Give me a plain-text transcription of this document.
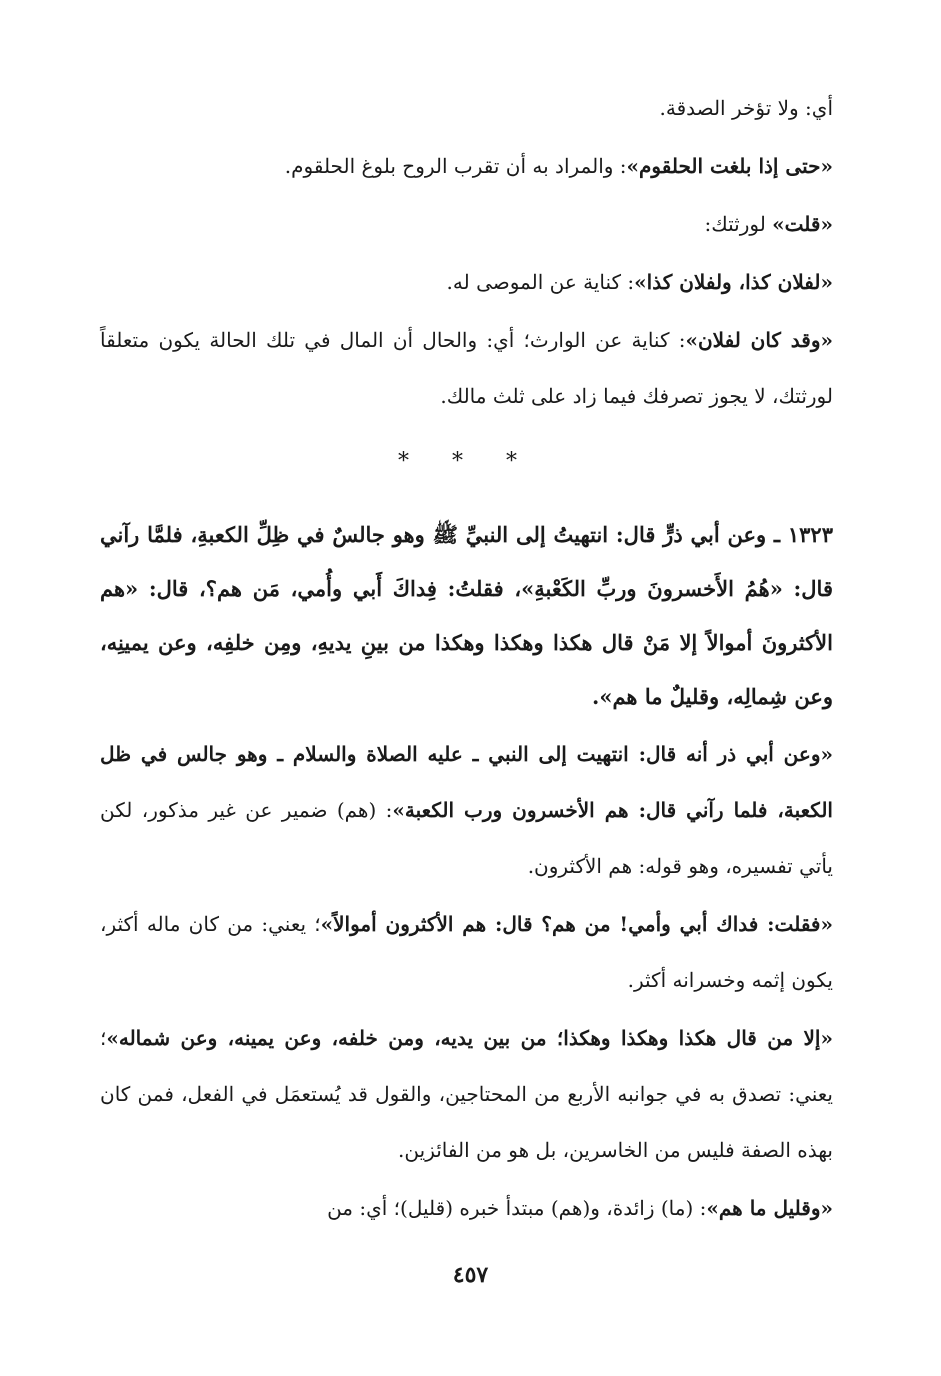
أي: ولا تؤخر الصدقة.

«حتى إذا بلغت الحلقوم»: والمراد به أن تقرب الروح بلوغ الحلقوم.

«قلت» لورثتك:

«لفلان كذا، ولفلان كذا»: كناية عن الموصى له.

«وقد كان لفلان»: كناية عن الوارث؛ أي: والحال أن المال في تلك الحالة يكون متعلقاً لورثتك، لا يجوز تصرفك فيما زاد على ثلث مالك.

* * *

١٣٢٣ ـ وعن أبي ذرٍّ قال: انتهيتُ إلى النبيِّ ﷺ وهو جالسٌ في ظِلِّ الكعبةِ، فلمَّا رآني قال: «هُمُ الأَخسرونَ وربِّ الكَعْبةِ»، فقلتُ: فِداكَ أَبي وأُمي، مَن هم؟، قال: «هم الأكثرونَ أموالاً إلا مَنْ قال هكذا وهكذا وهكذا من بينِ يديهِ، ومِن خلفِه، وعن يمينِه، وعن شِمالِه، وقليلٌ ما هم».

«وعن أبي ذر أنه قال: انتهيت إلى النبي ـ عليه الصلاة والسلام ـ وهو جالس في ظل الكعبة، فلما رآني قال: هم الأخسرون ورب الكعبة»: (هم) ضمير عن غير مذكور، لكن يأتي تفسيره، وهو قوله: هم الأكثرون.

«فقلت: فداك أبي وأمي! من هم؟ قال: هم الأكثرون أموالاً»؛ يعني: من كان ماله أكثر، يكون إثمه وخسرانه أكثر.

«إلا من قال هكذا وهكذا وهكذا؛ من بين يديه، ومن خلفه، وعن يمينه، وعن شماله»؛ يعني: تصدق به في جوانبه الأربع من المحتاجين، والقول قد يُستعمَل في الفعل، فمن كان بهذه الصفة فليس من الخاسرين، بل هو من الفائزين.

«وقليل ما هم»: (ما) زائدة، و(هم) مبتدأ خبره (قليل)؛ أي: من

٤٥٧
